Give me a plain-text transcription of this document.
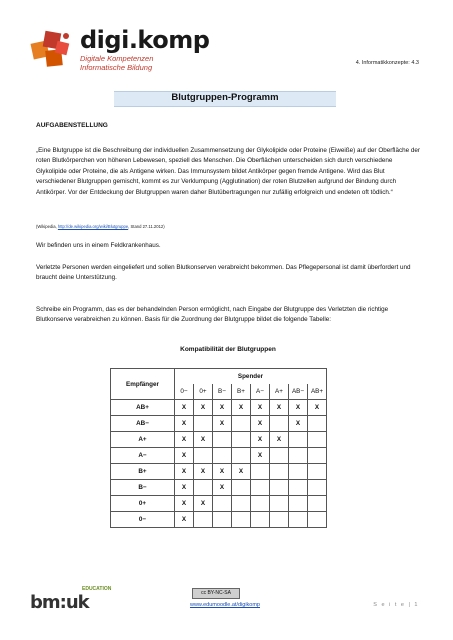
digi.komp
Digitale Kompetenzen
Informatische Bildung	4. Informatikkonzepte: 4.3
Blutgruppen-Programm
AUFGABENSTELLUNG

„Eine Blutgruppe ist die Beschreibung der individuellen Zusammensetzung der Glykolipide oder Proteine (Eiweiße) auf der Oberfläche der roten Blutkörperchen von höheren Lebewesen, speziell des Menschen. Die Oberflächen unterscheiden sich durch verschiedene Glykolipide oder Proteine, die als Antigene wirken. Das Immunsystem bildet Antikörper gegen fremde Antigene. Wird das Blut verschiedener Blutgruppen gemischt, kommt es zur Verklumpung (Agglutination) der roten Blutzellen aufgrund der Bindung durch Antikörper. Vor der Entdeckung der Blutgruppen waren daher Blutübertragungen nur zufällig erfolgreich und endeten oft tödlich.“

(Wikipedia, http://de.wikipedia.org/wiki/Blutgruppe, Stand 27.11.2012)

Wir befinden uns in einem Feldkrankenhaus.

Verletzte Personen werden eingeliefert und sollen Blutkonserven verabreicht bekommen. Das Pflegepersonal ist damit überfordert und braucht deine Unterstützung.

Schreibe ein Programm, das es der behandelnden Person ermöglicht, nach Eingabe der Blutgruppe des Verletzten die richtige Blutkonserve verabreichen zu können. Basis für die Zuordnung der Blutgruppe bildet die folgende Tabelle:

Kompatibilität der Blutgruppen
Empfänger	Spender							
	0−	0+	B−	B+	A−	A+	AB−	AB+
AB+	X	X	X	X	X	X	X	X
AB−	X		X		X		X	
A+	X	X			X	X		
A−	X				X			
B+	X	X	X	X				
B−	X		X					
0+	X	X						
0−	X							
bm:uk
EDUCATION
cc BY-NC-SA
www.edumoodle.at/digikomp	S e i t e | 1
